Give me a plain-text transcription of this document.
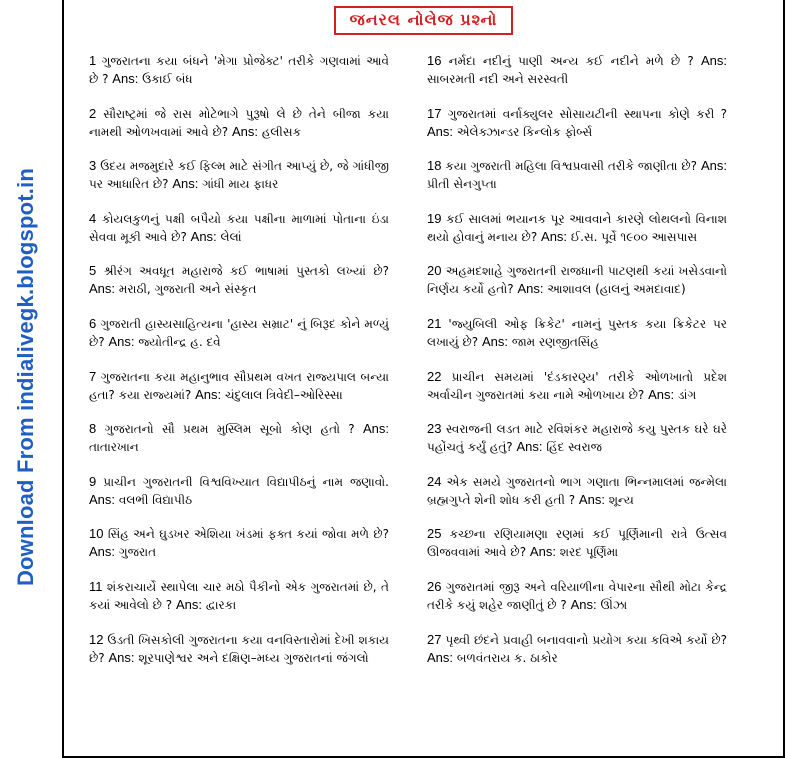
Download From indialivegk.blogspot.in
જનરલ નોલેજ પ્રશ્નો

1 ગુજરાતના કયા બંધને 'મેગા પ્રોજેક્ટ' તરીકે ગણવામાં આવે છે ? Ans: ઉકાઈ બંધ

2 સૌરાષ્ટ્રમાં જે રાસ મોટેભાગે પુરૂષો લે છે તેને બીજા કયા નામથી ઓળખવામાં આવે છે? Ans: હલીસક

3 ઉદય મજમુદારે કઈ ફિલ્મ માટે સંગીત આપ્યું છે, જે ગાંધીજી પર આધારિત છે? Ans: ગાંધી માય ફાધર

4 કોયલકુળનું પક્ષી બપૈયો કયા પક્ષીના માળામાં પોતાના ઇંડા સેવવા મૂકી આવે છે? Ans: લેલાં

5 શ્રીરંગ અવધૂત મહારાજે કઈ ભાષામાં પુસ્તકો લખ્યાં છે? Ans: મરાઠી, ગુજરાતી અને સંસ્કૃત

6 ગુજરાતી હાસ્યસાહિત્યના 'હાસ્ય સમ્રાટ' નું બિરૂદ કોને મળ્યું છે? Ans: જ્યોતીન્દ્ર હ. દવે

7 ગુજરાતના કયા મહાનુભાવ સૌપ્રથમ વખત રાજ્યપાલ બન્યા હતા? કયા રાજ્યમાં? Ans: ચંદુલાલ ત્રિવેદી–ઓરિસ્સા

8 ગુજરાતનો સૌ પ્રથમ મુસ્લિમ સૂબો કોણ હતો ? Ans: તાતારખાન

9 પ્રાચીન ગુજરાતની વિશ્વવિખ્યાત વિદ્યાપીઠનું નામ જણાવો. Ans: વલભી વિદ્યાપીઠ

10 સિંહ અને ઘુડખર એશિયા ખંડમાં ફક્ત કયાં જોવા મળે છે? Ans: ગુજરાત

11 શંકરાચાર્યે સ્થાપેલા ચાર મઠો પૈકીનો એક ગુજરાતમાં છે, તે કયાં આવેલો છે ? Ans: દ્વારકા

12 ઉડતી ખિસકોલી ગુજરાતના કયા વનવિસ્તારોમાં દેખી શકાય છે? Ans: શૂરપાણેશ્વર અને દક્ષિણ–મધ્ય ગુજરાતનાં જંગલો

16 નર્મદા નદીનું પાણી અન્ય કઈ નદીને મળે છે ? Ans: સાબરમતી નદી અને સરસ્વતી

17 ગુજરાતમાં વર્નાક્યુલર સોસાયટીની સ્થાપના કોણે કરી ? Ans: એલેક્ઝાન્ડર કિન્લોક ફોર્બ્સ

18 કયા ગુજરાતી મહિલા વિશ્વપ્રવાસી તરીકે જાણીતા છે? Ans: પ્રીતી સેનગુપ્તા

19 કઈ સાલમાં ભયાનક પૂર આવવાને કારણે લોથલનો વિનાશ થયો હોવાનું મનાય છે? Ans: ઈ.સ. પૂર્વે ૧૯૦૦ આસપાસ

20 અહમદશાહે ગુજરાતની રાજધાની પાટણથી કયાં ખસેડવાનો નિર્ણય કર્યો હતો? Ans: આશાવલ (હાલનું અમદાવાદ)

21 'જ્યુબિલી ઓફ ક્રિકેટ' નામનું પુસ્તક કયા ક્રિકેટર પર લખાયું છે? Ans: જામ રણજીતસિંહ

22 પ્રાચીન સમયમાં 'દંડકારણ્ય' તરીકે ઓળખાતો પ્રદેશ અર્વાચીન ગુજરાતમાં કયા નામે ઓળખાય છે? Ans: ડાંગ

23 સ્વરાજની લડત માટે રવિશંકર મહારાજે કયુ પુસ્તક ઘરે ઘરે પહોંચતું કર્યું હતું? Ans: હિંદ સ્વરાજ

24 એક સમયે ગુજરાતનો ભાગ ગણાતા ભિન્નમાલમાં જન્મેલા બ્રહ્મગુપ્તે શેની શોધ કરી હતી ? Ans: શૂન્ય

25 કચ્છના રણિયામણા રણમાં કઈ પૂર્ણિમાની રાત્રે ઉત્સવ ઊજવવામાં આવે છે? Ans: શરદ પૂર્ણિમા

26 ગુજરાતમાં જીરૂ અને વરિયાળીના વેપારના સૌથી મોટા કેન્દ્ર તરીકે કયું શહેર જાણીતું છે ? Ans: ઊંઝા

27 પૃથ્વી છંદને પ્રવાહી બનાવવાનો પ્રયોગ કયા કવિએ કર્યો છે? Ans: બળવંતરાય ક. ઠાકોર
